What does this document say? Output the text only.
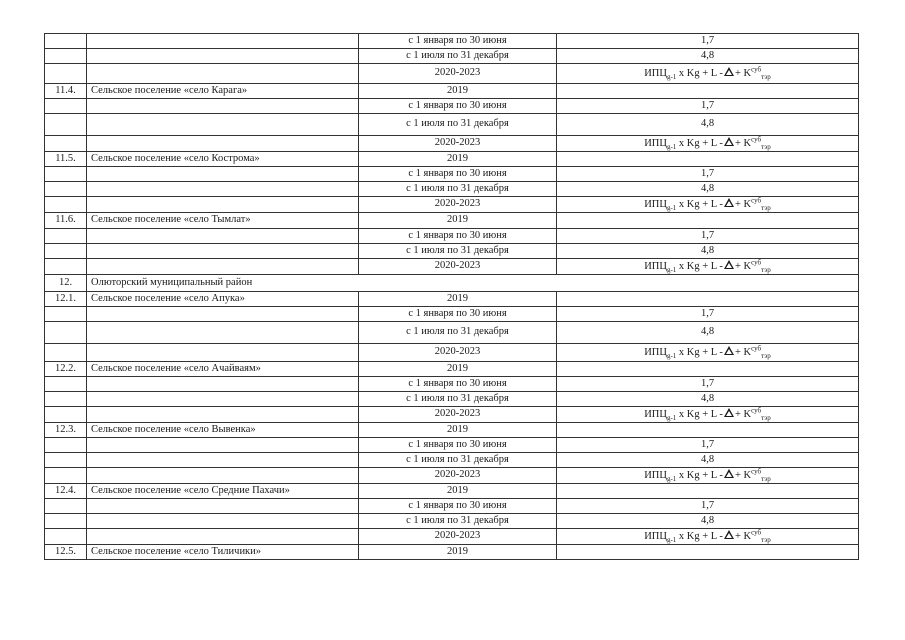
		с 1 января по 30 июня	1,7
		с 1 июля по 31 декабря	4,8
		2020-2023	$ИПЦ_{g-1}$ x Kg + L - + $K^{суб}_{тэр}$
11.4.	Сельское поселение «село Карага»	2019	
		с 1 января по 30 июня	1,7
		с 1 июля по 31 декабря	4,8
		2020-2023	$ИПЦ_{g-1}$ x Kg + L - + $K^{суб}_{тэр}$
11.5.	Сельское поселение «село Кострома»	2019	
		с 1 января по 30 июня	1,7
		с 1 июля по 31 декабря	4,8
		2020-2023	$ИПЦ_{g-1}$ x Kg + L - + $K^{суб}_{тэр}$
11.6.	Сельское поселение «село Тымлат»	2019	
		с 1 января по 30 июня	1,7
		с 1 июля по 31 декабря	4,8
		2020-2023	$ИПЦ_{g-1}$ x Kg + L - + $K^{суб}_{тэр}$
12.	Олюторский муниципальный район		
12.1.	Сельское поселение «село Апука»	2019	
		с 1 января по 30 июня	1,7
		с 1 июля по 31 декабря	4,8
		2020-2023	$ИПЦ_{g-1}$ x Kg + L - + $K^{суб}_{тэр}$
12.2.	Сельское поселение «село Ачайваям»	2019	
		с 1 января по 30 июня	1,7
		с 1 июля по 31 декабря	4,8
		2020-2023	$ИПЦ_{g-1}$ x Kg + L - + $K^{суб}_{тэр}$
12.3.	Сельское поселение «село Вывенка»	2019	
		с 1 января по 30 июня	1,7
		с 1 июля по 31 декабря	4,8
		2020-2023	$ИПЦ_{g-1}$ x Kg + L - + $K^{суб}_{тэр}$
12.4.	Сельское поселение «село Средние Пахачи»	2019	
		с 1 января по 30 июня	1,7
		с 1 июля по 31 декабря	4,8
		2020-2023	$ИПЦ_{g-1}$ x Kg + L - + $K^{суб}_{тэр}$
12.5.	Сельское поселение «село Тиличики»	2019	
